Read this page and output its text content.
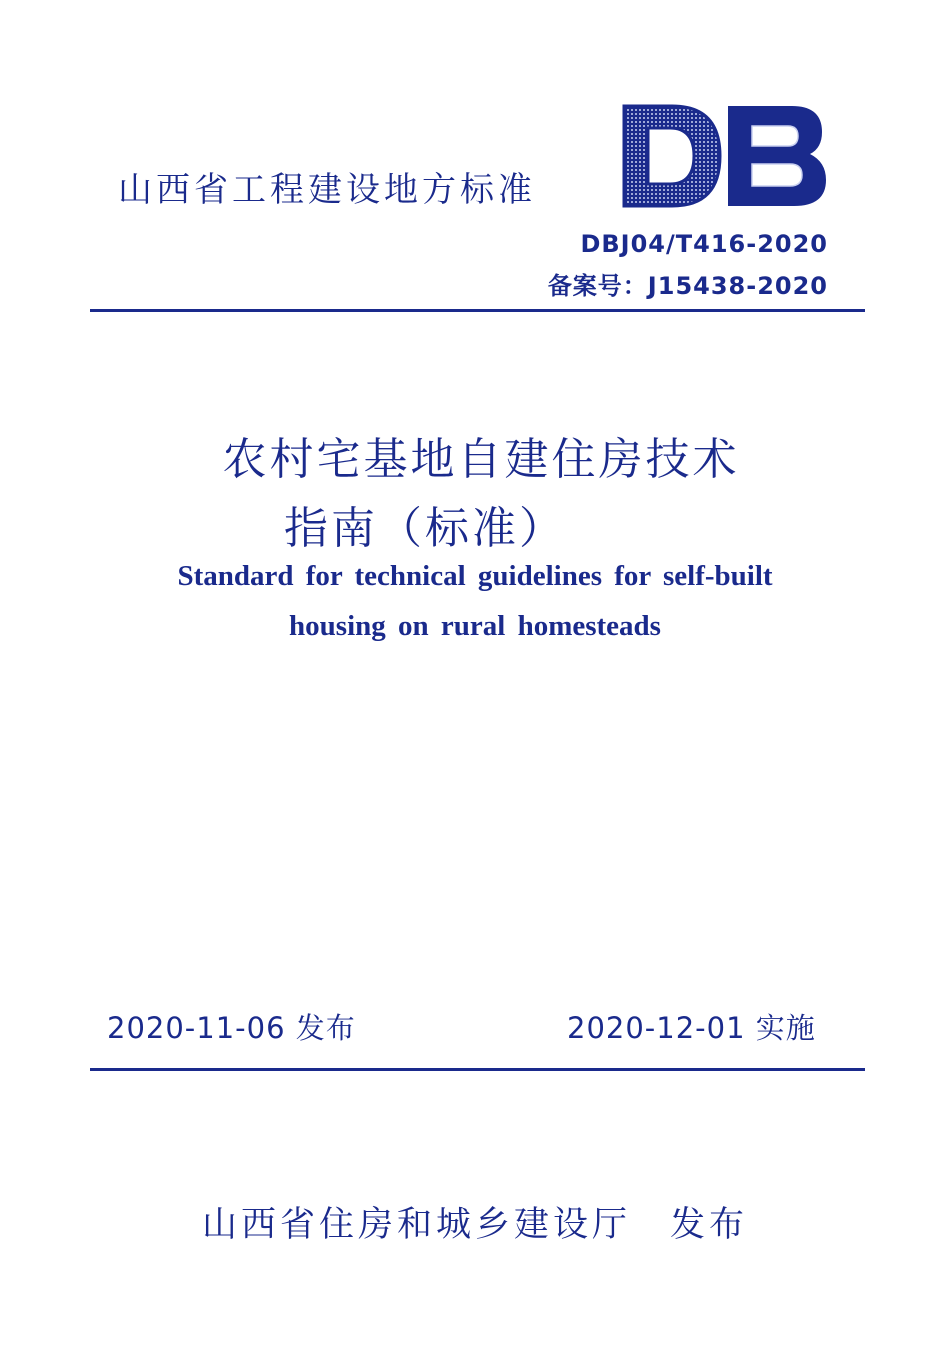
山西省工程建设地方标准
DBJ04/T416-2020
备案号：J15438-2020
农村宅基地自建住房技术
指南（标准）
Standard for technical guidelines for self-built
housing on rural homesteads
2020-11-06 发布	2020-12-01 实施
山西省住房和城乡建设厅　发布
